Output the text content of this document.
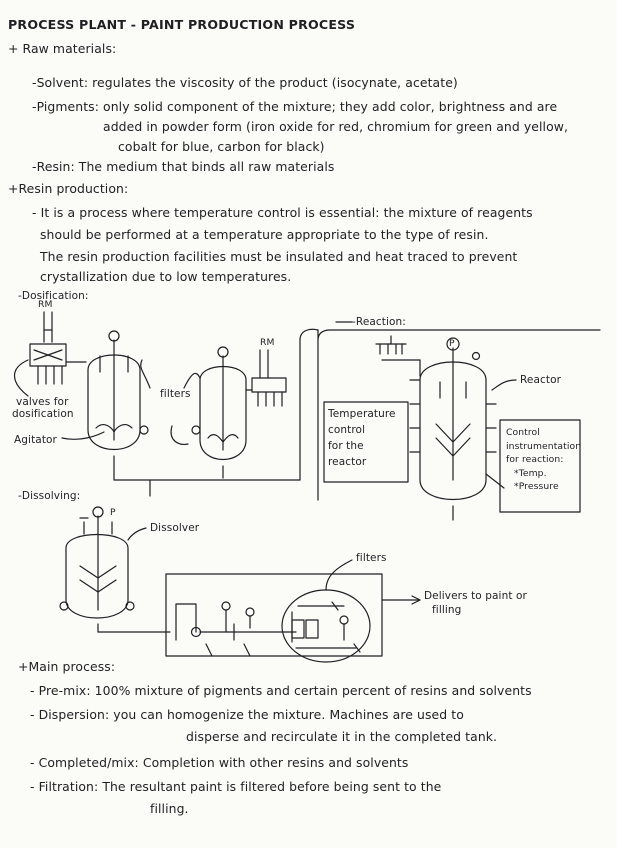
PROCESS PLANT - PAINT PRODUCTION PROCESS
+ Raw materials:
-Solvent: regulates the viscosity of the product (isocynate, acetate)
-Pigments: only solid component of the mixture; they add color, brightness and are
added in powder form (iron oxide for red, chromium for green and yellow,
cobalt for blue, carbon for black)
-Resin: The medium that binds all raw materials
+Resin production:
- It is a process where temperature control is essential: the mixture of reagents
should be performed at a temperature appropriate to the type of resin.
The resin production facilities must be insulated and heat traced to prevent
crystallization due to low temperatures.
-Dosification:
RM
RM
valves for
dosification
Agitator
filters
-Reaction:
Reactor
Temperature
control
for the
reactor
Control
instrumentation
for reaction:
*Temp.
*Pressure
-Dissolving:
Dissolver
filters
Delivers to paint or
filling
P
P
+Main process:
- Pre-mix: 100% mixture of pigments and certain percent of resins and solvents
- Dispersion: you can homogenize the mixture. Machines are used to
disperse and recirculate it in the completed tank.
- Completed/mix: Completion with other resins and solvents
- Filtration: The resultant paint is filtered before being sent to the
filling.
